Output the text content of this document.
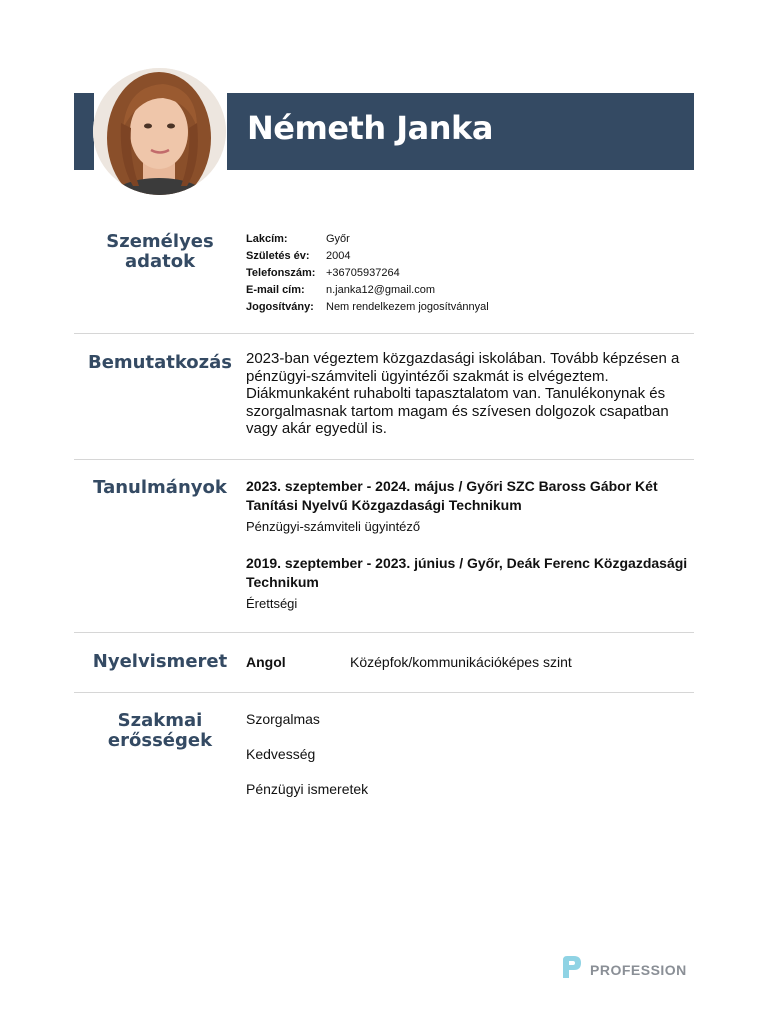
Németh Janka
Személyes
adatok
Lakcím:	Győr
Születés év:	2004
Telefonszám: +36705937264
E-mail cím:	n.janka12@gmail.com
Jogosítvány:	Nem rendelkezem jogosítvánnyal
Bemutatkozás 2023-ban végeztem közgazdasági iskolában. Tovább képzésen a pénzügyi-számviteli ügyintézői szakmát is elvégeztem. Diákmunkaként ruhabolti tapasztalatom van. Tanulékonynak és szorgalmasnak tartom magam és szívesen dolgozok csapatban vagy akár egyedül is.
Tanulmányok	2023. szeptember - 2024. május / Győri SZC Baross Gábor Két Tanítási Nyelvű Közgazdasági Technikum
Pénzügyi-számviteli ügyintéző
2019. szeptember - 2023. június / Győr, Deák Ferenc Közgazdasági Technikum
Érettségi
Nyelvismeret	Angol	Középfok/kommunikációképes szint
Szakmai
erősségek
Szorgalmas
Kedvesség
Pénzügyi ismeretek
PROFESSION
